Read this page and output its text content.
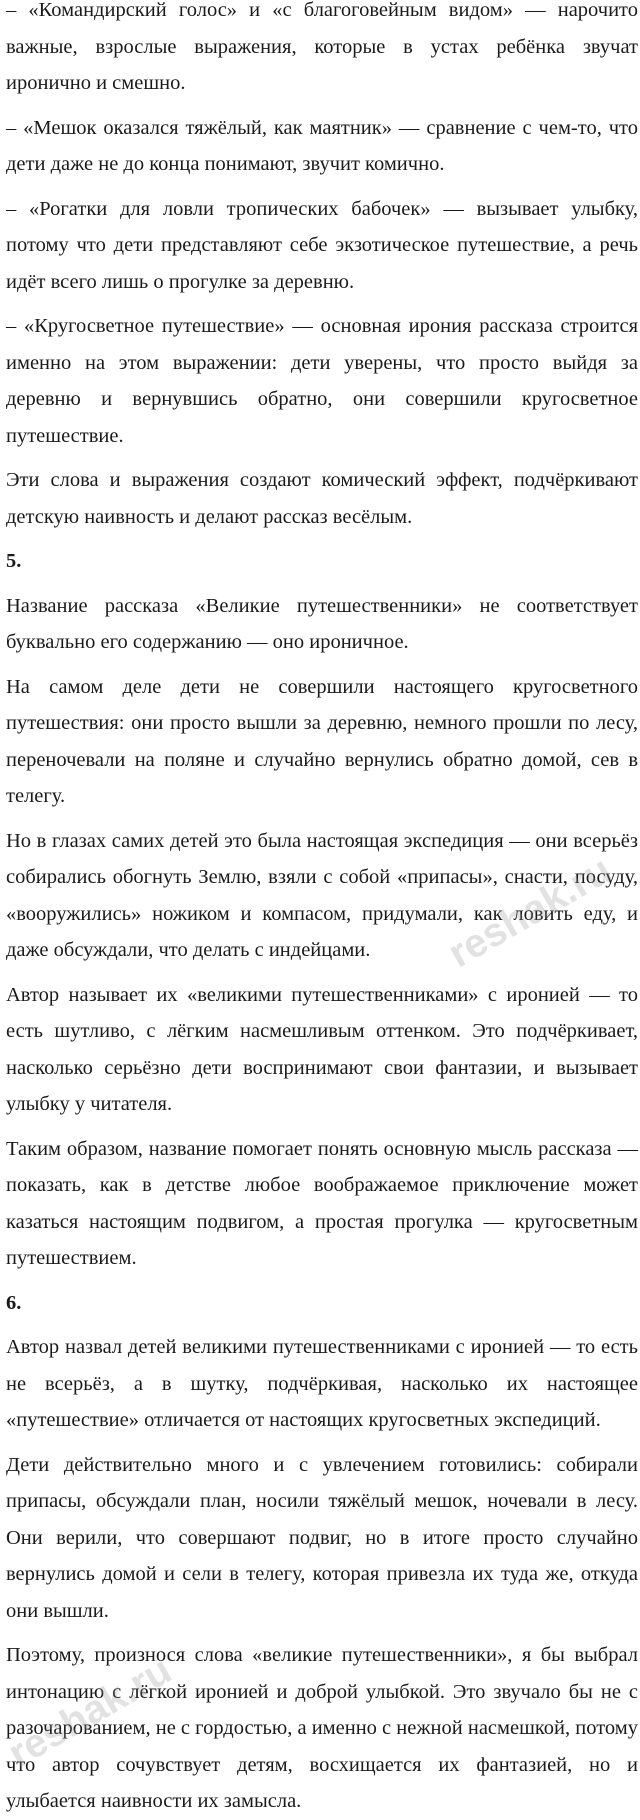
– «Командирский голос» и «с благоговейным видом» — нарочито важные, взрослые выражения, которые в устах ребёнка звучат иронично и смешно.

– «Мешок оказался тяжёлый, как маятник» — сравнение с чем-то, что дети даже не до конца понимают, звучит комично.

– «Рогатки для ловли тропических бабочек» — вызывает улыбку, потому что дети представляют себе экзотическое путешествие, а речь идёт всего лишь о прогулке за деревню.

– «Кругосветное путешествие» — основная ирония рассказа строится именно на этом выражении: дети уверены, что просто выйдя за деревню и вернувшись обратно, они совершили кругосветное путешествие.

Эти слова и выражения создают комический эффект, подчёркивают детскую наивность и делают рассказ весёлым.

5.

Название рассказа «Великие путешественники» не соответствует буквально его содержанию — оно ироничное.

На самом деле дети не совершили настоящего кругосветного путешествия: они просто вышли за деревню, немного прошли по лесу, переночевали на поляне и случайно вернулись обратно домой, сев в телегу.

Но в глазах самих детей это была настоящая экспедиция — они всерьёз собирались обогнуть Землю, взяли с собой «припасы», снасти, посуду, «вооружились» ножиком и компасом, придумали, как ловить еду, и даже обсуждали, что делать с индейцами.

Автор называет их «великими путешественниками» с иронией — то есть шутливо, с лёгким насмешливым оттенком. Это подчёркивает, насколько серьёзно дети воспринимают свои фантазии, и вызывает улыбку у читателя.

Таким образом, название помогает понять основную мысль рассказа — показать, как в детстве любое воображаемое приключение может казаться настоящим подвигом, а простая прогулка — кругосветным путешествием.

6.

Автор назвал детей великими путешественниками с иронией — то есть не всерьёз, а в шутку, подчёркивая, насколько их настоящее «путешествие» отличается от настоящих кругосветных экспедиций.

Дети действительно много и с увлечением готовились: собирали припасы, обсуждали план, носили тяжёлый мешок, ночевали в лесу. Они верили, что совершают подвиг, но в итоге просто случайно вернулись домой и сели в телегу, которая привезла их туда же, откуда они вышли.

Поэтому, произнося слова «великие путешественники», я бы выбрал интонацию с лёгкой иронией и доброй улыбкой. Это звучало бы не с разочарованием, не с гордостью, а именно с нежной насмешкой, потому что автор сочувствует детям, восхищается их фантазией, но и улыбается наивности их замысла.

reshak.ru
reshak.ru
